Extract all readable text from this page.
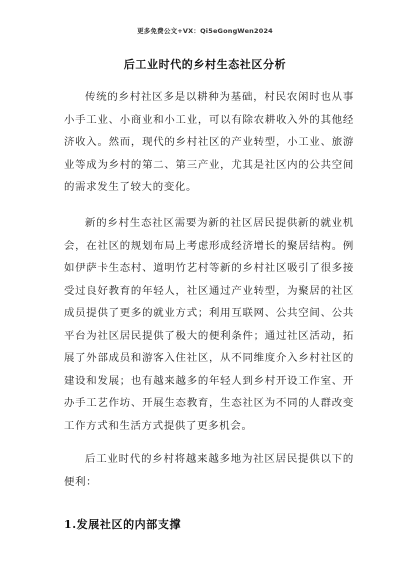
更多免费公文+VX：Qi5eGongWen2024
后工业时代的乡村生态社区分析

传统的乡村社区多是以耕种为基础，村民农闲时也从事小手工业、小商业和小工业，可以有除农耕收入外的其他经济收入。然而，现代的乡村社区的产业转型，小工业、旅游业等成为乡村的第二、第三产业，尤其是社区内的公共空间的需求发生了较大的变化。

新的乡村生态社区需要为新的社区居民提供新的就业机会，在社区的规划布局上考虑形成经济增长的聚居结构。例如伊萨卡生态村、道明竹艺村等新的乡村社区吸引了很多接受过良好教育的年轻人，社区通过产业转型，为聚居的社区成员提供了更多的就业方式；利用互联网、公共空间、公共平台为社区居民提供了极大的便利条件；通过社区活动，拓展了外部成员和游客入住社区，从不同维度介入乡村社区的建设和发展；也有越来越多的年轻人到乡村开设工作室、开办手工艺作坊、开展生态教育，生态社区为不同的人群改变工作方式和生活方式提供了更多机会。

后工业时代的乡村将越来越多地为社区居民提供以下的便利：

1.发展社区的内部支撑
